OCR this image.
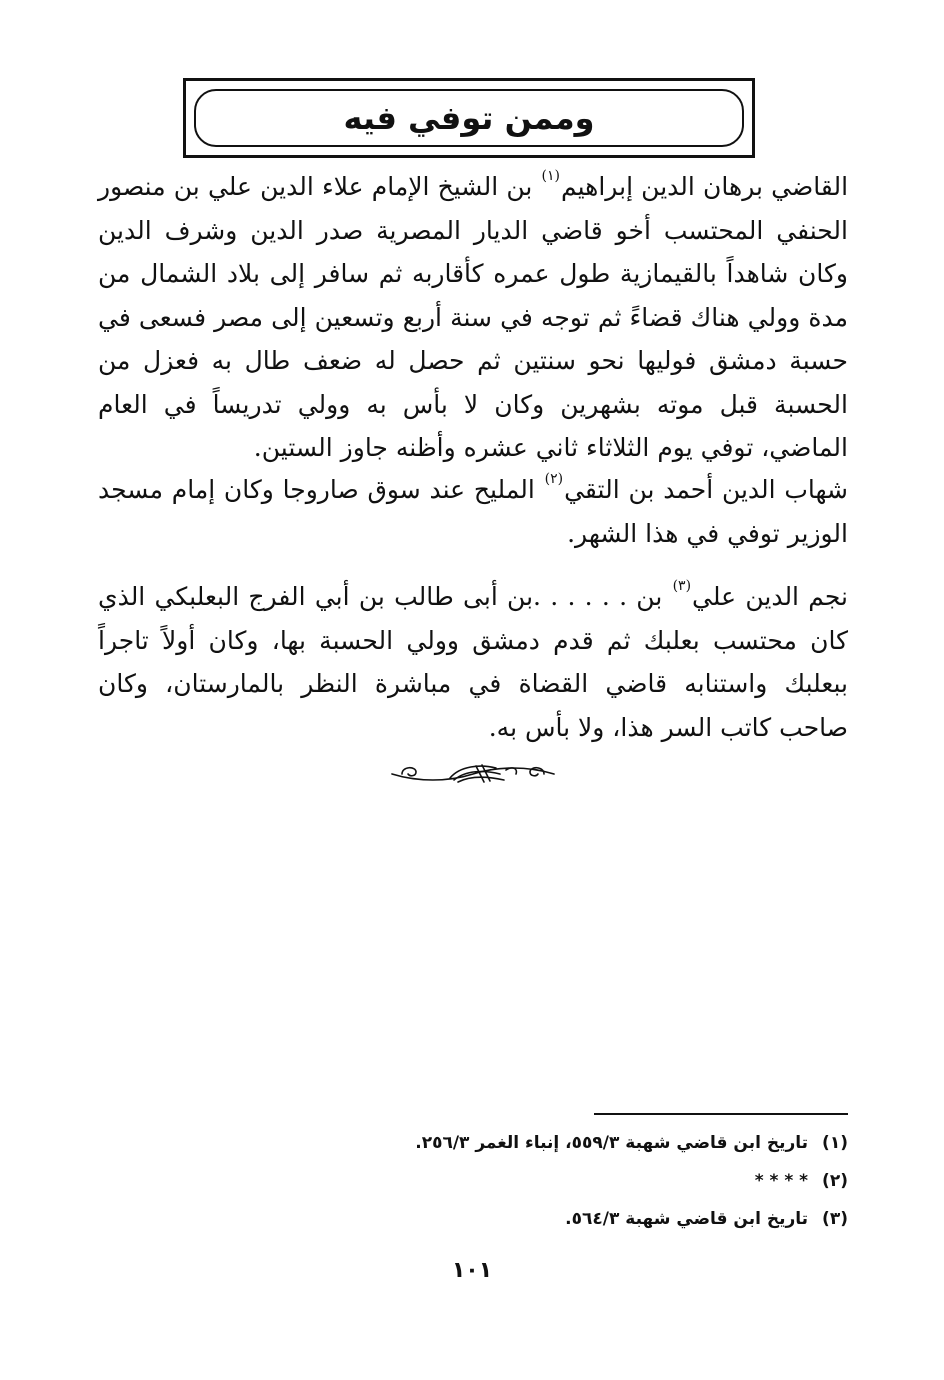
وممن توفي فيه

القاضي برهان الدين إبراهيم$^{(١)}$ بن الشيخ الإمام علاء الدين علي بن منصور الحنفي المحتسب أخو قاضي الديار المصرية صدر الدين وشرف الدين وكان شاهداً بالقيمازية طول عمره كأقاربه ثم سافر إلى بلاد الشمال من مدة وولي هناك قضاءً ثم توجه في سنة أربع وتسعين إلى مصر فسعى في حسبة دمشق فوليها نحو سنتين ثم حصل له ضعف طال به فعزل من الحسبة قبل موته بشهرين وكان لا بأس به وولي تدريساً في العام الماضي، توفي يوم الثلاثاء ثاني عشره وأظنه جاوز الستين.

شهاب الدين أحمد بن التقي$^{(٢)}$ المليح عند سوق صاروجا وكان إمام مسجد الوزير توفي في هذا الشهر.

نجم الدين علي$^{(٣)}$ بن . . . . . .بن أبى طالب بن أبي الفرج البعلبكي الذي كان محتسب بعلبك ثم قدم دمشق وولي الحسبة بها، وكان أولاً تاجراً ببعلبك واستنابه قاضي القضاة في مباشرة النظر بالمارستان، وكان صاحب كاتب السر هذا، ولا بأس به.

(١)تاريخ ابن قاضي شهبة ٥٥٩/٣، إنباء الغمر ٢٥٦/٣.
(٢)* * * *
(٣)تاريخ ابن قاضي شهبة ٥٦٤/٣.
١٠١
